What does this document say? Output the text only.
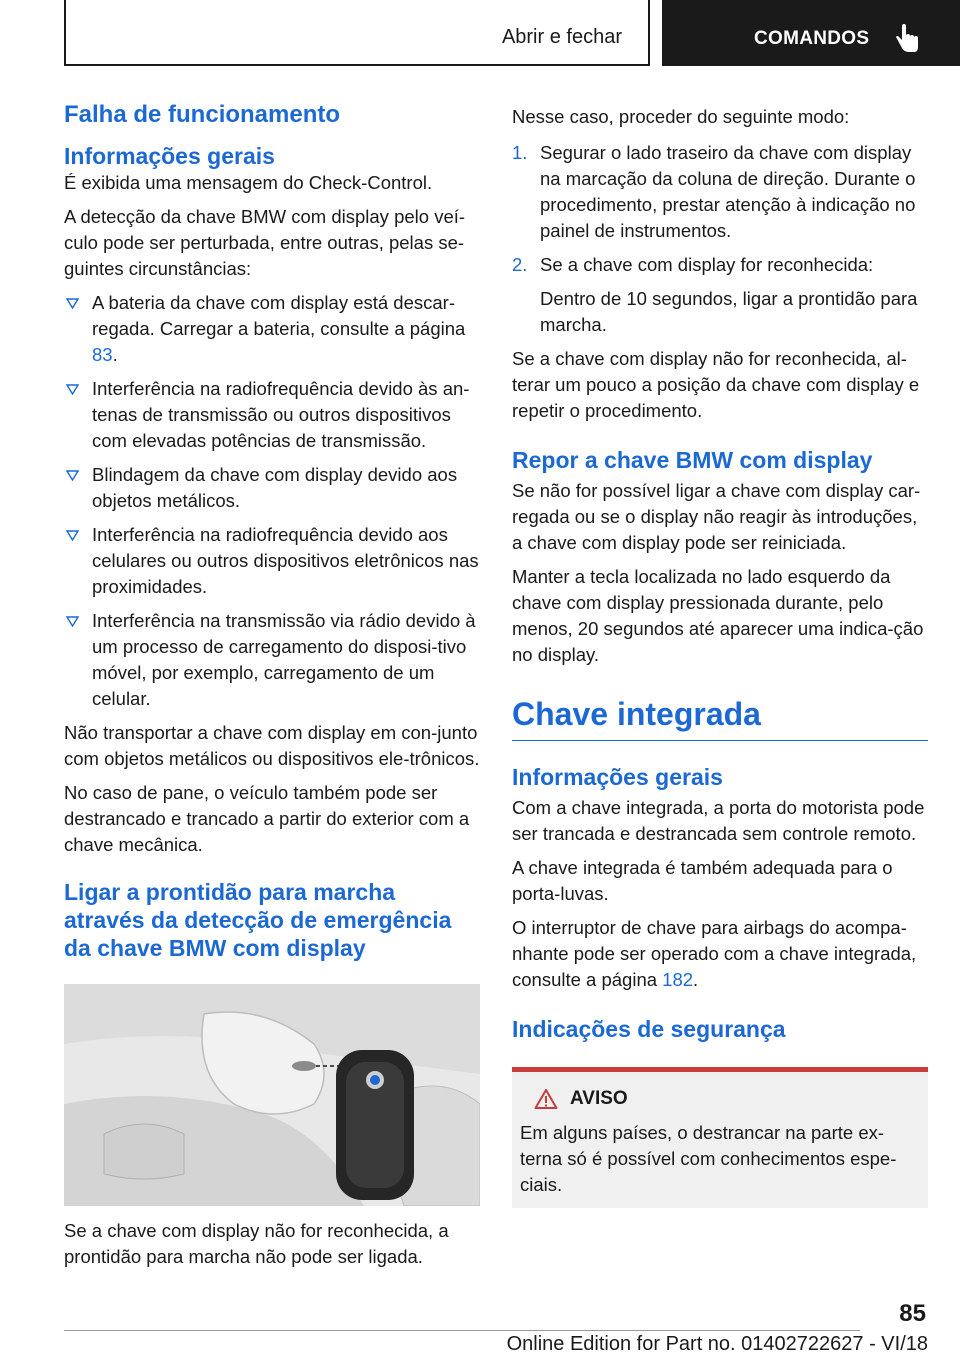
Abrir e fechar	COMANDOS
Falha de funcionamento
Informações gerais

É exibida uma mensagem do Check-Control.

A detecção da chave BMW com display pelo veí-culo pode ser perturbada, entre outras, pelas se-guintes circunstâncias:

A bateria da chave com display está descar-regada. Carregar a bateria, consulte a página 83.
Interferência na radiofrequência devido às an-tenas de transmissão ou outros dispositivos com elevadas potências de transmissão.
Blindagem da chave com display devido aos objetos metálicos.
Interferência na radiofrequência devido aos celulares ou outros dispositivos eletrônicos nas proximidades.
Interferência na transmissão via rádio devido à um processo de carregamento do disposi-tivo móvel, por exemplo, carregamento de um celular.

Não transportar a chave com display em con-junto com objetos metálicos ou dispositivos ele-trônicos.

No caso de pane, o veículo também pode ser destrancado e trancado a partir do exterior com a chave mecânica.

Ligar a prontidão para marcha através da detecção de emergência da chave BMW com display

Se a chave com display não for reconhecida, a prontidão para marcha não pode ser ligada.

Nesse caso, proceder do seguinte modo:

1. Segurar o lado traseiro da chave com display na marcação da coluna de direção. Durante o procedimento, prestar atenção à indicação no painel de instrumentos.
2. Se a chave com display for reconhecida:
Dentro de 10 segundos, ligar a prontidão para marcha.

Se a chave com display não for reconhecida, al-terar um pouco a posição da chave com display e repetir o procedimento.

Repor a chave BMW com display

Se não for possível ligar a chave com display car-regada ou se o display não reagir às introduções, a chave com display pode ser reiniciada.

Manter a tecla localizada no lado esquerdo da chave com display pressionada durante, pelo menos, 20 segundos até aparecer uma indica-ção no display.

Chave integrada
Informações gerais

Com a chave integrada, a porta do motorista pode ser trancada e destrancada sem controle remoto.

A chave integrada é também adequada para o porta-luvas.

O interruptor de chave para airbags do acompa-nhante pode ser operado com a chave integrada, consulte a página 182.

Indicações de segurança
AVISO

Em alguns países, o destrancar na parte ex-terna só é possível com conhecimentos espe-ciais.

85
Online Edition for Part no. 01402722627 - VI/18
